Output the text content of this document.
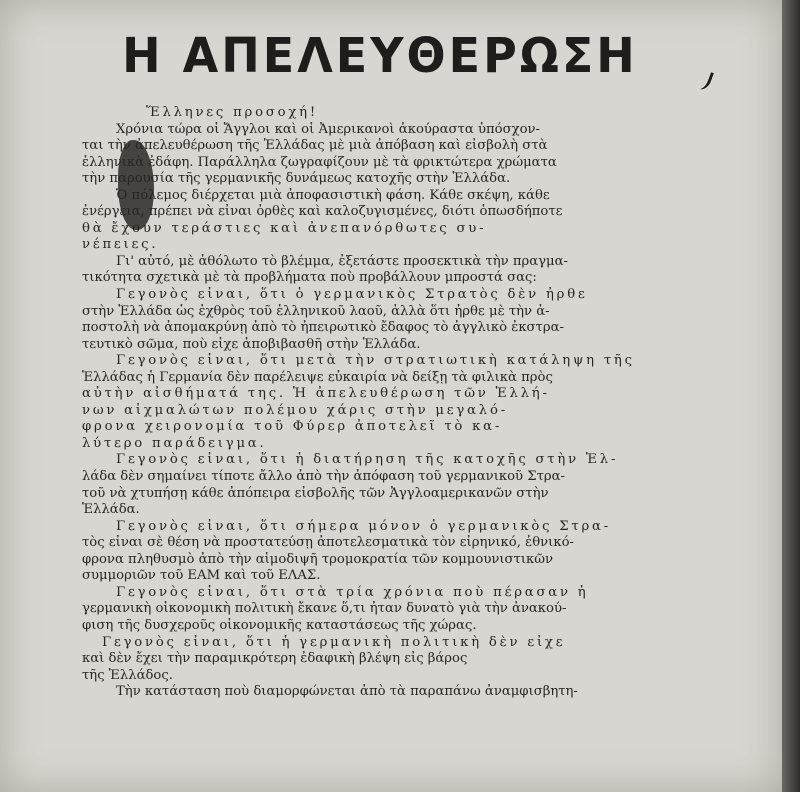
Η ΑΠΕΛΕΥΘΕΡΩΣΗ
Ἕλληνες προσοχή!
Χρόνια τώρα οἱ Ἄγγλοι καὶ οἱ Ἀμερικανοὶ ἀκούραστα ὑπόσχον-
ται τὴν ἀπελευθέρωση τῆς Ἑλλάδας μὲ μιὰ ἀπόβαση καὶ εἰσβολὴ στὰ
ἑλληνικὰ ἐδάφη. Παράλληλα ζωγραφίζουν μὲ τὰ φρικτώτερα χρώματα
τὴν παρουσία τῆς γερμανικῆς δυνάμεως κατοχῆς στὴν Ἑλλάδα.
Ὁ πόλεμος διέρχεται μιὰ ἀποφασιστικὴ φάση. Κάθε σκέψη, κάθε
ἐνέργεια, πρέπει νὰ εἶναι ὀρθὲς καὶ καλοζυγισμένες, διότι ὁπωσδήποτε
θὰ ἔχουν τεράστιες καὶ ἀνεπανόρθωτες συ-
νέπειες.
Γι' αὐτό, μὲ ἀθόλωτο τὸ βλέμμα, ἐξετάστε προσεκτικὰ τὴν πραγμα-
τικότητα σχετικὰ μὲ τὰ προβλήματα ποὺ προβάλλουν μπροστά σας:
Γεγονὸς εἶναι, ὅτι ὁ γερμανικὸς Στρατὸς δὲν ἦρθε
στὴν Ἑλλάδα ὡς ἐχθρὸς τοῦ ἑλληνικοῦ λαοῦ, ἀλλὰ ὅτι ἦρθε μὲ τὴν ἀ-
ποστολὴ νὰ ἀπομακρύνῃ ἀπὸ τὸ ἠπειρωτικὸ ἔδαφος τὸ ἀγγλικὸ ἐκστρα-
τευτικὸ σῶμα, ποὺ εἶχε ἀποβιβασθῆ στὴν Ἑλλάδα.
Γεγονὸς εἶναι, ὅτι μετὰ τὴν στρατιωτικὴ κατάληψη τῆς
Ἑλλάδας ἡ Γερμανία δὲν παρέλειψε εὐκαιρία νὰ δείξῃ τὰ φιλικὰ πρὸς
αὐτὴν αἰσθήματά της. Ἡ ἀπελευθέρωση τῶν Ἑλλή-
νων αἰχμαλώτων πολέμου χάρις στὴν μεγαλό-
φρονα χειρονομία τοῦ Φύρερ ἀποτελεῖ τὸ κα-
λύτερο παράδειγμα.
Γεγονὸς εἶναι, ὅτι ἡ διατήρηση τῆς κατοχῆς στὴν Ἑλ-
λάδα δὲν σημαίνει τίποτε ἄλλο ἀπὸ τὴν ἀπόφαση τοῦ γερμανικοῦ Στρα-
τοῦ νὰ χτυπήσῃ κάθε ἀπόπειρα εἰσβολῆς τῶν Ἀγγλοαμερικανῶν στὴν
Ἑλλάδα.
Γεγονὸς εἶναι, ὅτι σήμερα μόνον ὁ γερμανικὸς Στρα-
τὸς εἶναι σὲ θέση νὰ προστατεύσῃ ἀποτελεσματικὰ τὸν εἰρηνικό, ἐθνικό-
φρονα πληθυσμὸ ἀπὸ τὴν αἱμοδιψῆ τρομοκρατία τῶν κομμουνιστικῶν
συμμοριῶν τοῦ ΕΑΜ καὶ τοῦ ΕΛΑΣ.
Γεγονὸς εἶναι, ὅτι στὰ τρία χρόνια ποὺ πέρασαν ἡ
γερμανικὴ οἰκονομικὴ πολιτικὴ ἔκανε ὅ,τι ἦταν δυνατὸ γιὰ τὴν ἀνακού-
φιση τῆς δυσχεροῦς οἰκονομικῆς καταστάσεως τῆς χώρας.
Γεγονὸς εἶναι, ὅτι ἡ γερμανικὴ πολιτικὴ δὲν εἶχε
καὶ δὲν ἔχει τὴν παραμικρότερη ἐδαφικὴ βλέψη εἰς βάρος
τῆς Ἑλλάδος.
Τὴν κατάσταση ποὺ διαμορφώνεται ἀπὸ τὰ παραπάνω ἀναμφισβητη-
